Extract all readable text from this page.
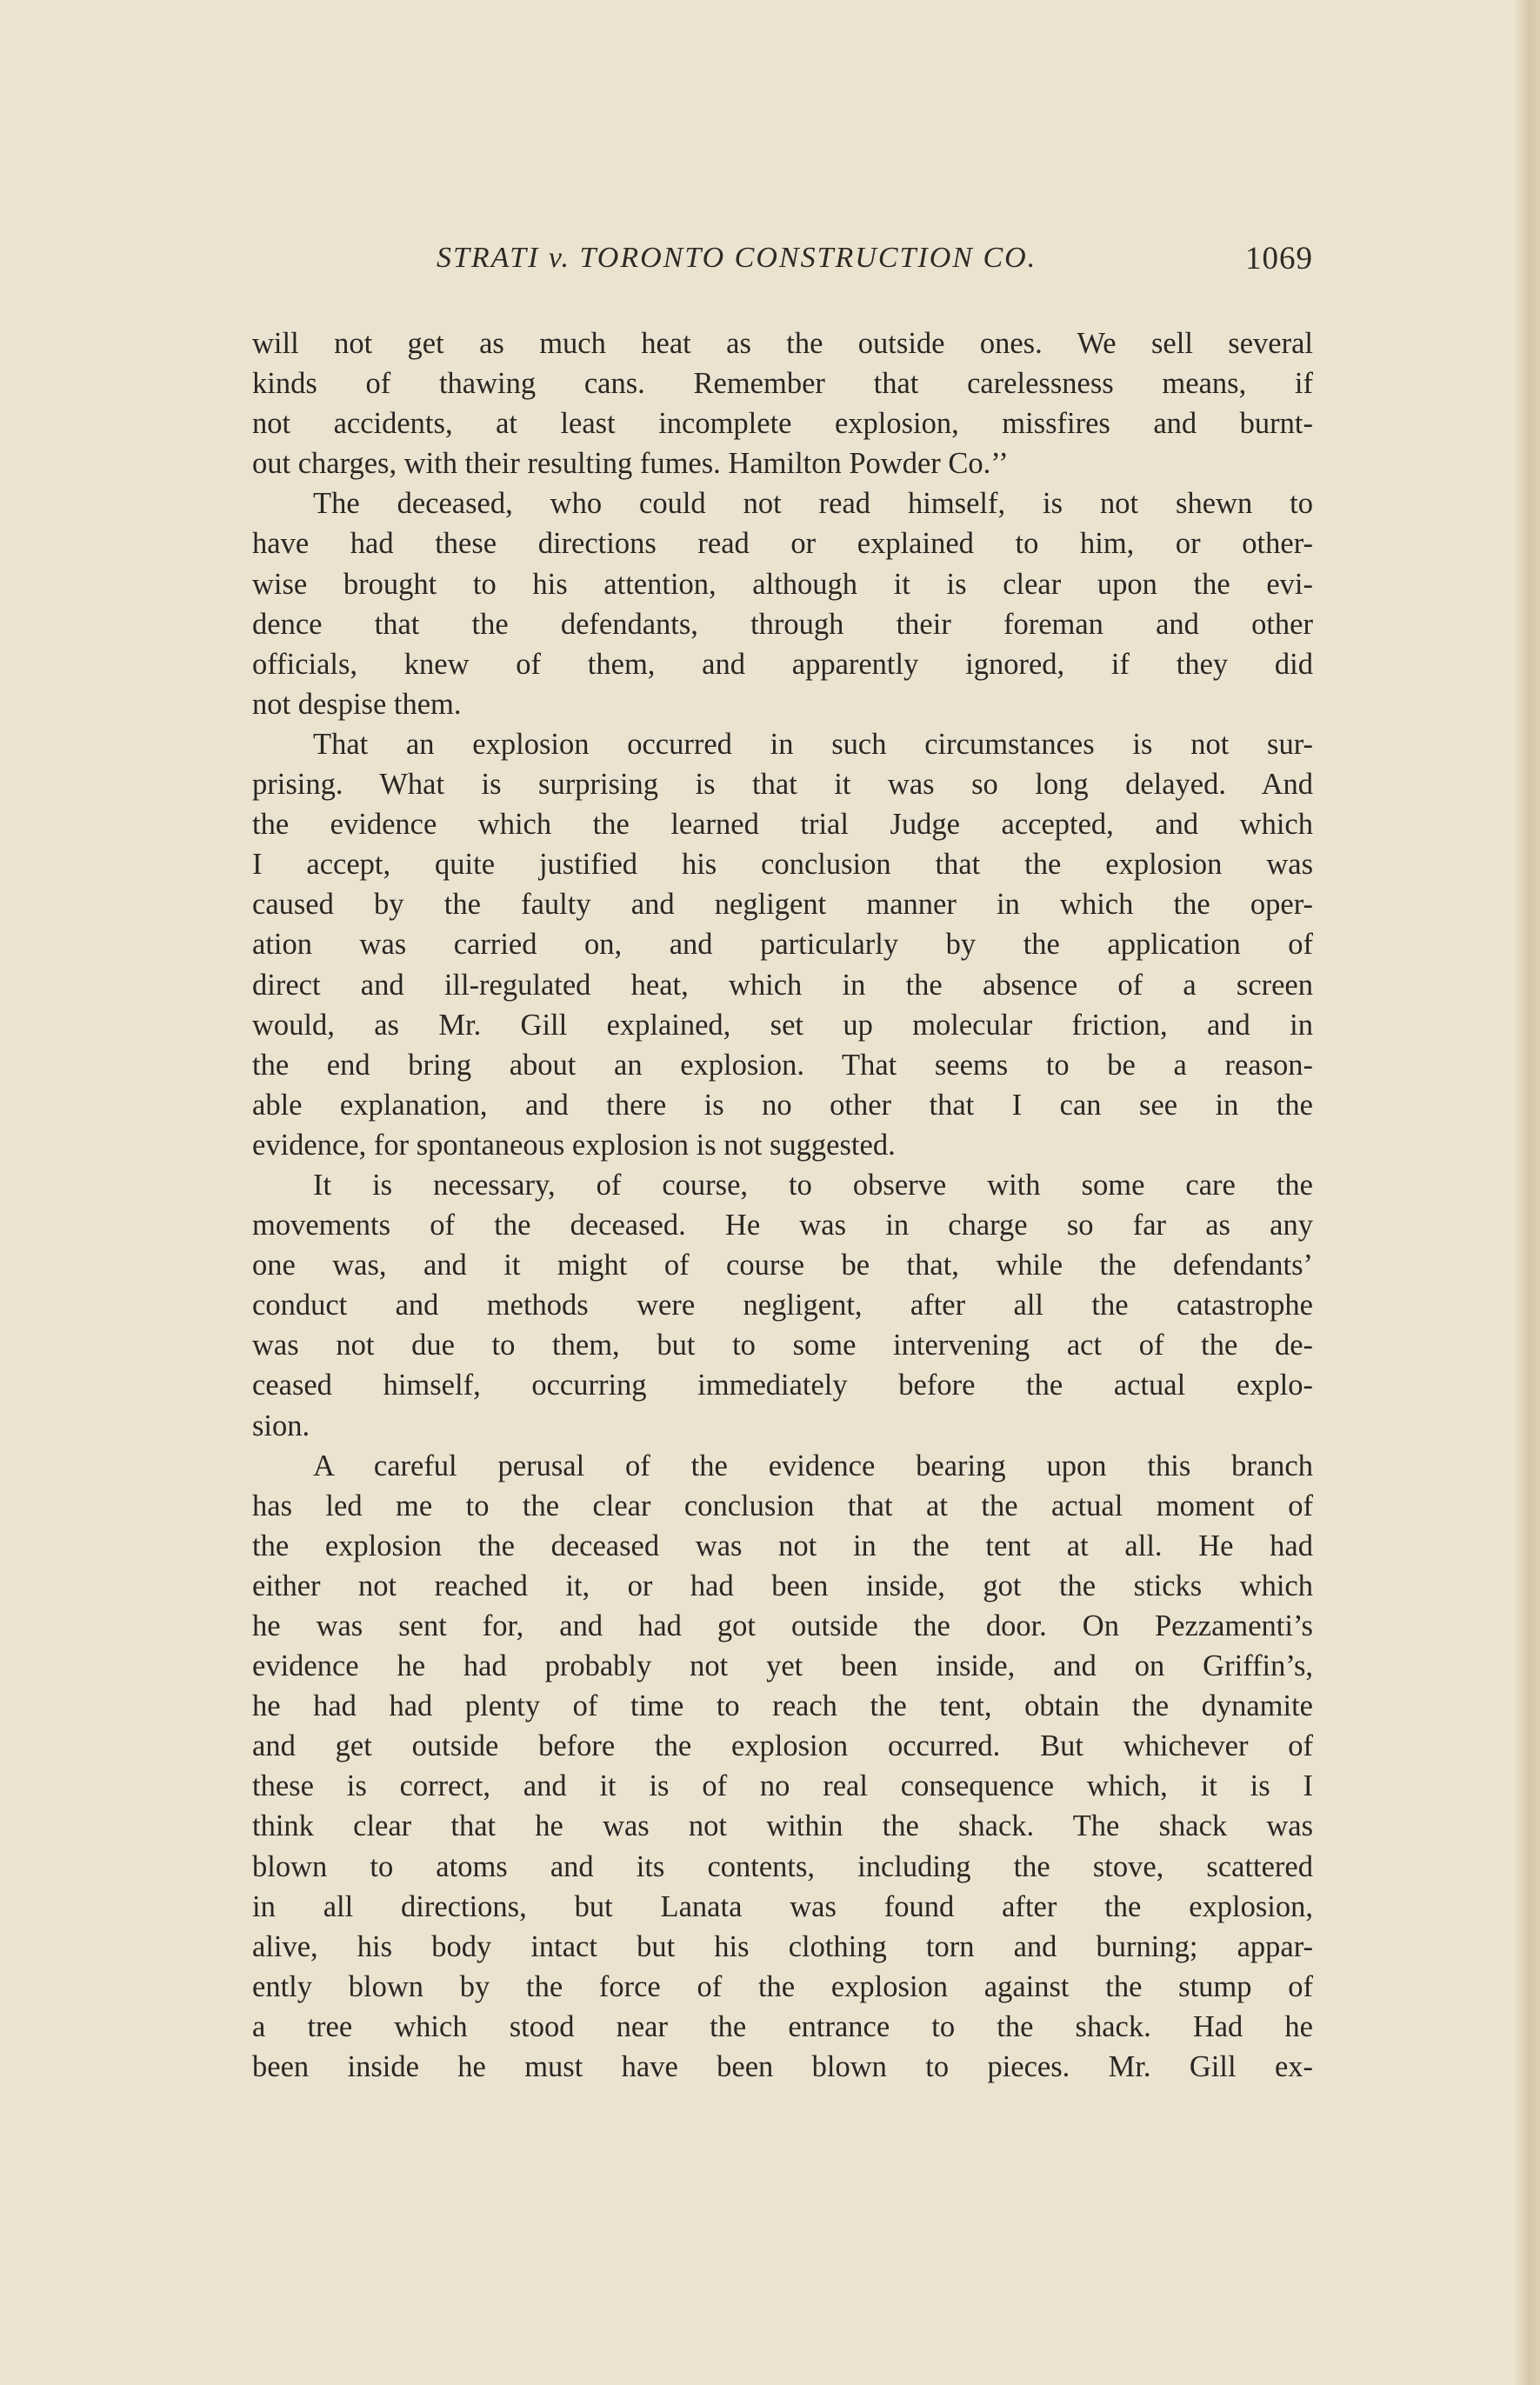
STRATI v. TORONTO CONSTRUCTION CO.	1069
will not get as much heat as the outside ones. We sell several
kinds of thawing cans. Remember that carelessness means, if
not accidents, at least incomplete explosion, missfires and burnt-
out charges, with their resulting fumes. Hamilton Powder Co.’’
The deceased, who could not read himself, is not shewn to
have had these directions read or explained to him, or other-
wise brought to his attention, although it is clear upon the evi-
dence that the defendants, through their foreman and other
officials, knew of them, and apparently ignored, if they did
not despise them.
That an explosion occurred in such circumstances is not sur-
prising. What is surprising is that it was so long delayed. And
the evidence which the learned trial Judge accepted, and which
I accept, quite justified his conclusion that the explosion was
caused by the faulty and negligent manner in which the oper-
ation was carried on, and particularly by the application of
direct and ill-regulated heat, which in the absence of a screen
would, as Mr. Gill explained, set up molecular friction, and in
the end bring about an explosion. That seems to be a reason-
able explanation, and there is no other that I can see in the
evidence, for spontaneous explosion is not suggested.
It is necessary, of course, to observe with some care the
movements of the deceased. He was in charge so far as any
one was, and it might of course be that, while the defendants’
conduct and methods were negligent, after all the catastrophe
was not due to them, but to some intervening act of the de-
ceased himself, occurring immediately before the actual explo-
sion.
A careful perusal of the evidence bearing upon this branch
has led me to the clear conclusion that at the actual moment of
the explosion the deceased was not in the tent at all. He had
either not reached it, or had been inside, got the sticks which
he was sent for, and had got outside the door. On Pezzamenti’s
evidence he had probably not yet been inside, and on Griffin’s,
he had had plenty of time to reach the tent, obtain the dynamite
and get outside before the explosion occurred. But whichever of
these is correct, and it is of no real consequence which, it is I
think clear that he was not within the shack. The shack was
blown to atoms and its contents, including the stove, scattered
in all directions, but Lanata was found after the explosion,
alive, his body intact but his clothing torn and burning; appar-
ently blown by the force of the explosion against the stump of
a tree which stood near the entrance to the shack. Had he
been inside he must have been blown to pieces. Mr. Gill ex-
